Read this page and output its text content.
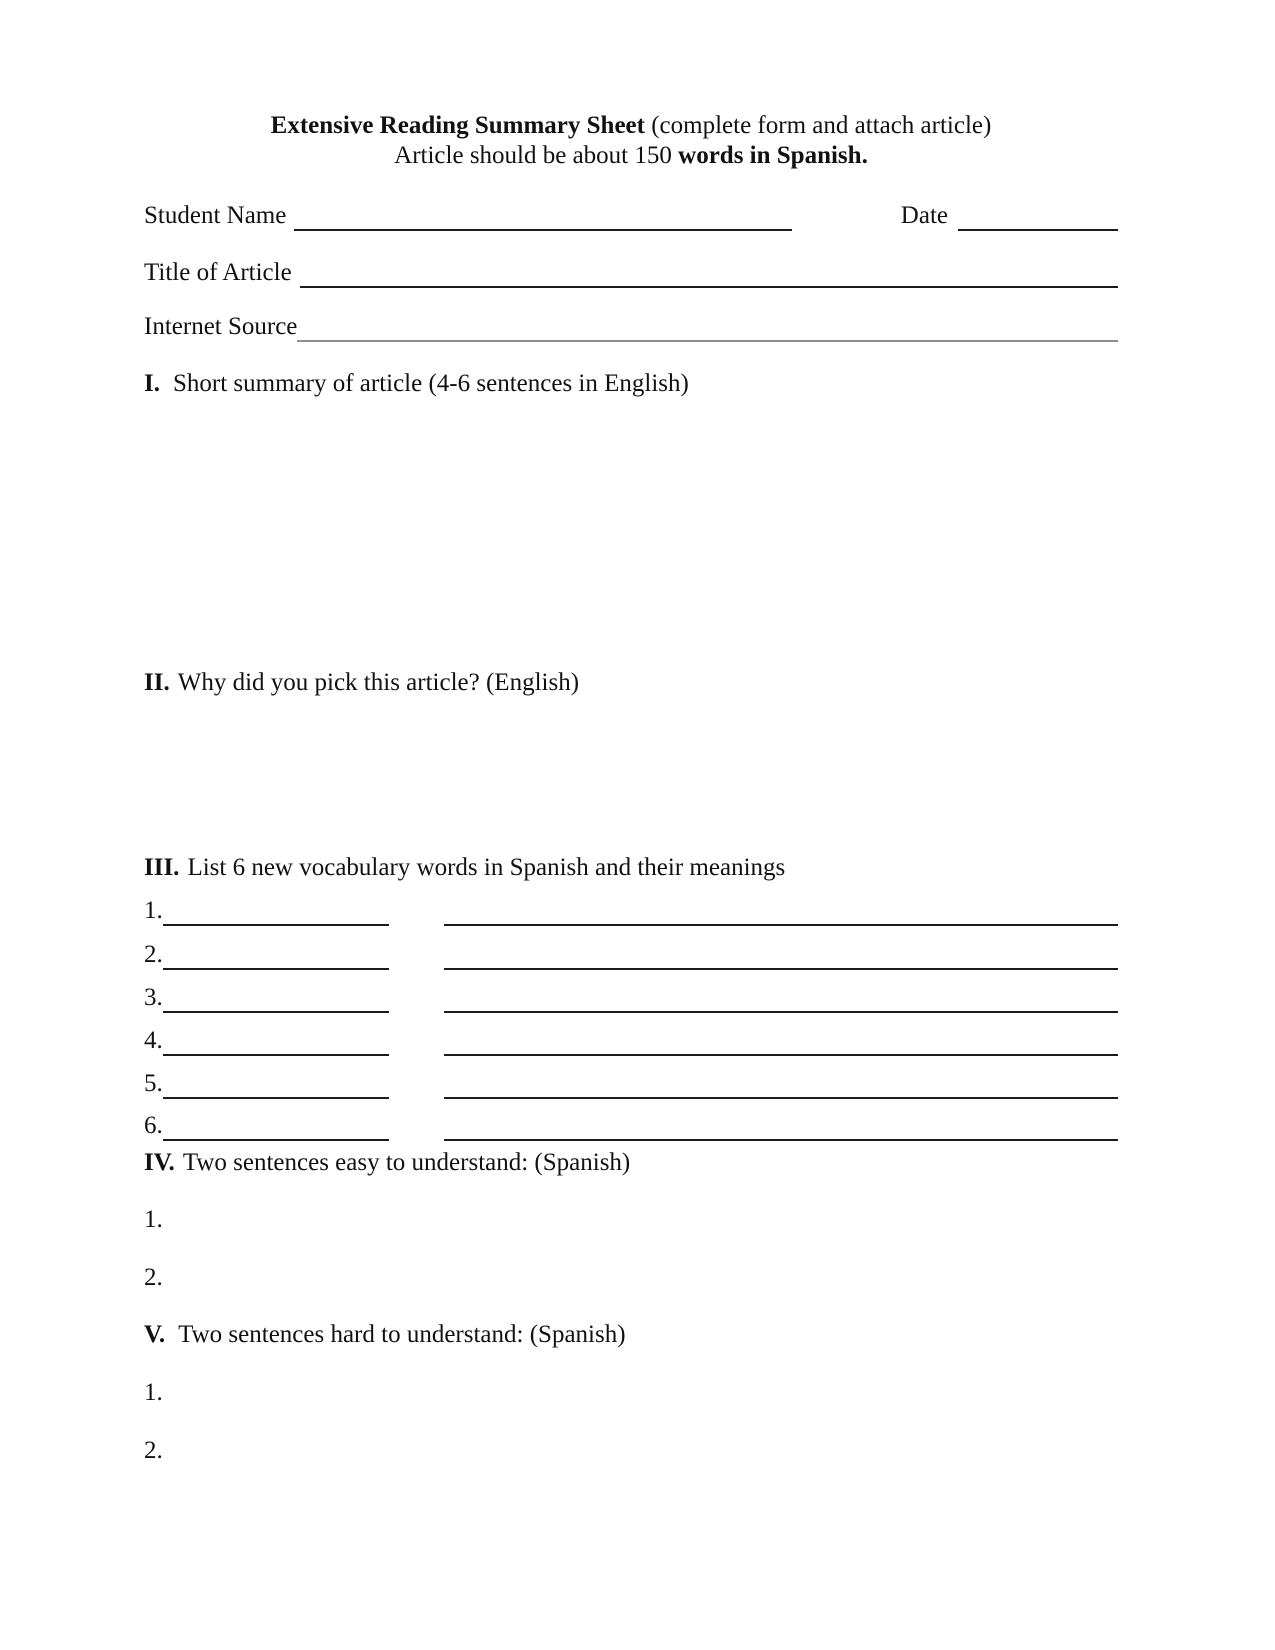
Extensive Reading Summary Sheet (complete form and attach article)
Article should be about 150 words in Spanish.
Student Name	Date
Title of Article
Internet Source
I. Short summary of article (4-6 sentences in English)
II. Why did you pick this article? (English)
III. List 6 new vocabulary words in Spanish and their meanings
1.
2.
3.
4.
5.
6.
IV. Two sentences easy to understand: (Spanish)
1.
2.
V. Two sentences hard to understand: (Spanish)
1.
2.
